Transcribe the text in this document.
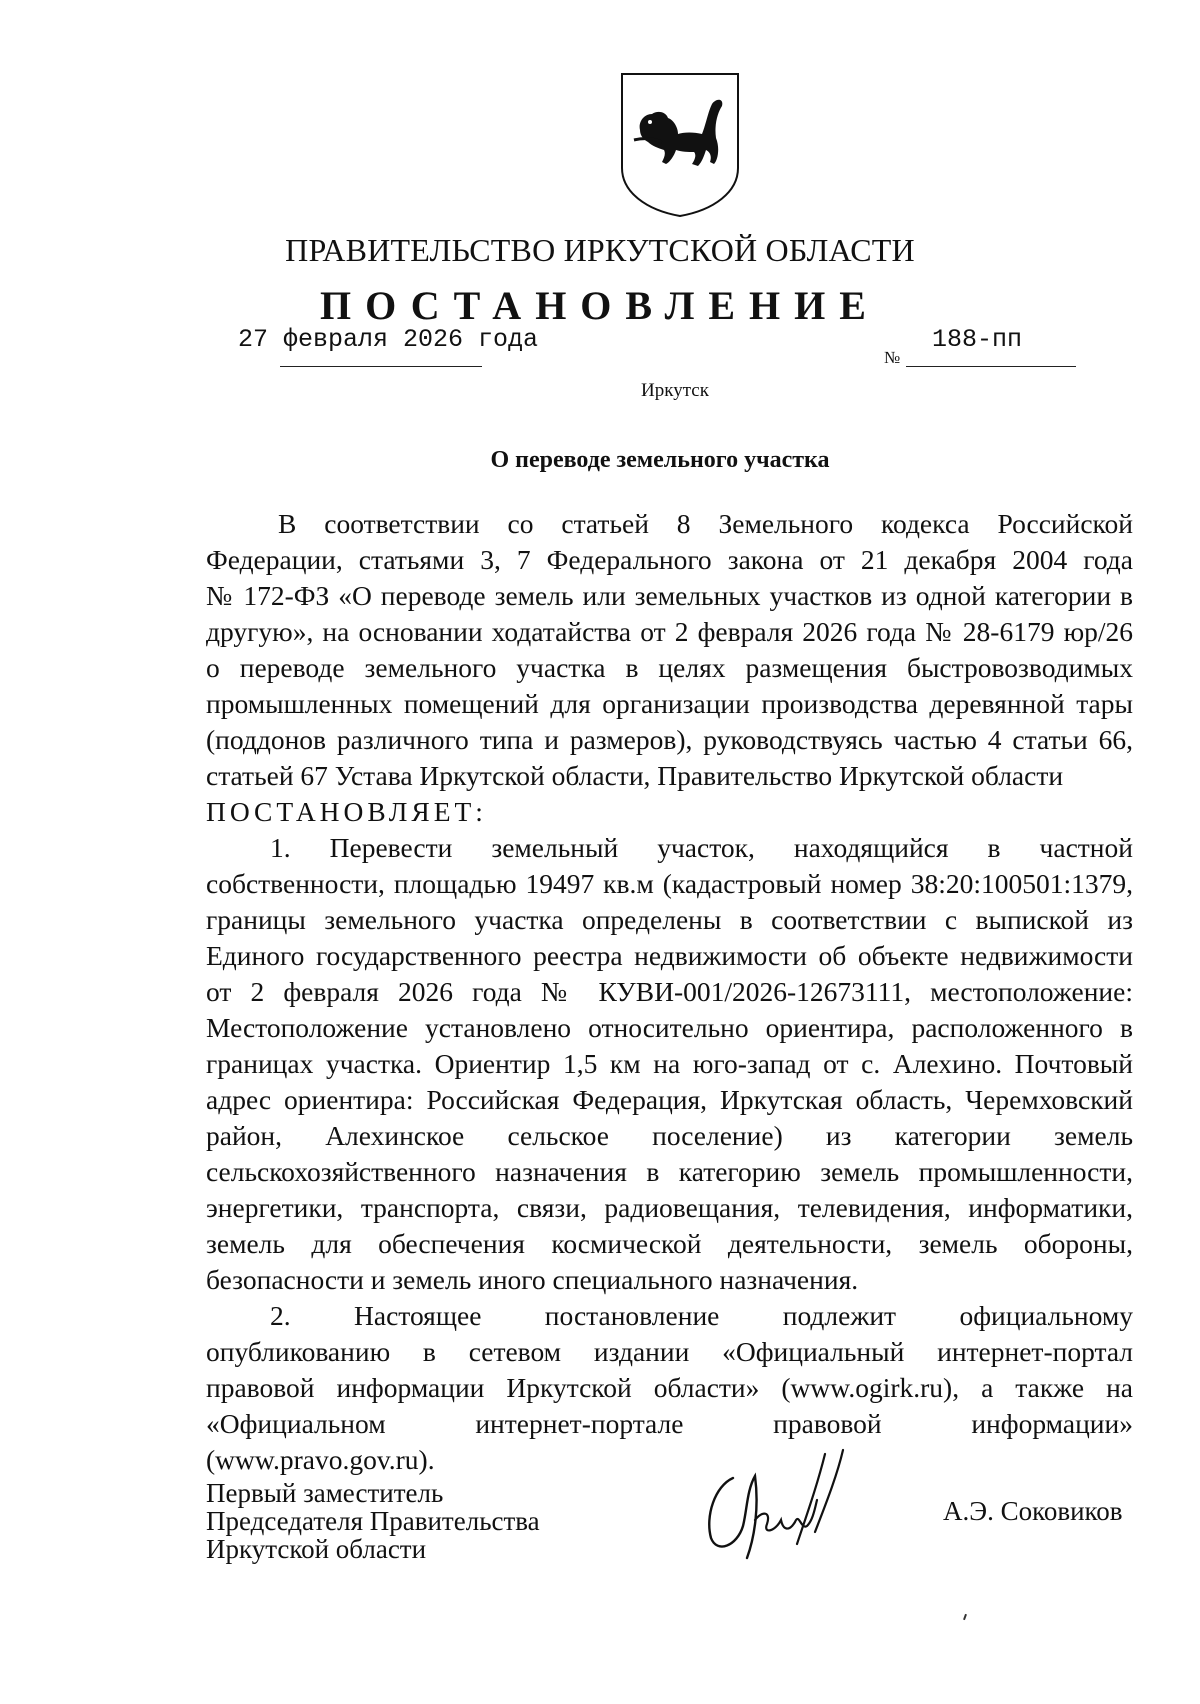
ПРАВИТЕЛЬСТВО ИРКУТСКОЙ ОБЛАСТИ
ПОСТАНОВЛЕНИЕ
27 февраля 2026 года
№
188-пп
Иркутск
О переводе земельного участка
В соответствии со статьей 8 Земельного кодекса Российской
Федерации, статьями 3, 7 Федерального закона от 21 декабря 2004 года
№ 172-ФЗ «О переводе земель или земельных участков из одной категории в
другую», на основании ходатайства от 2 февраля 2026 года № 28-6179 юр/26
о переводе земельного участка в целях размещения быстровозводимых
промышленных помещений для организации производства деревянной тары
(поддонов различного типа и размеров), руководствуясь частью 4 статьи 66,
статьей 67 Устава Иркутской области, Правительство Иркутской области
ПОСТАНОВЛЯЕТ:
1. Перевести земельный участок, находящийся в частной
собственности, площадью 19497 кв.м (кадастровый номер 38:20:100501:1379,
границы земельного участка определены в соответствии с выпиской из
Единого государственного реестра недвижимости об объекте недвижимости
от 2 февраля 2026 года № КУВИ-001/2026-12673111, местоположение:
Местоположение установлено относительно ориентира, расположенного в
границах участка. Ориентир 1,5 км на юго-запад от с. Алехино. Почтовый
адрес ориентира: Российская Федерация, Иркутская область, Черемховский
район, Алехинское сельское поселение) из категории земель
сельскохозяйственного назначения в категорию земель промышленности,
энергетики, транспорта, связи, радиовещания, телевидения, информатики,
земель для обеспечения космической деятельности, земель обороны,
безопасности и земель иного специального назначения.
2. Настоящее постановление подлежит официальному
опубликованию в сетевом издании «Официальный интернет-портал
правовой информации Иркутской области» (www.ogirk.ru), а также на
«Официальном интернет-портале правовой информации»
(www.pravo.gov.ru).
Первый заместитель
Председателя Правительства
Иркутской области
А.Э. Соковиков
